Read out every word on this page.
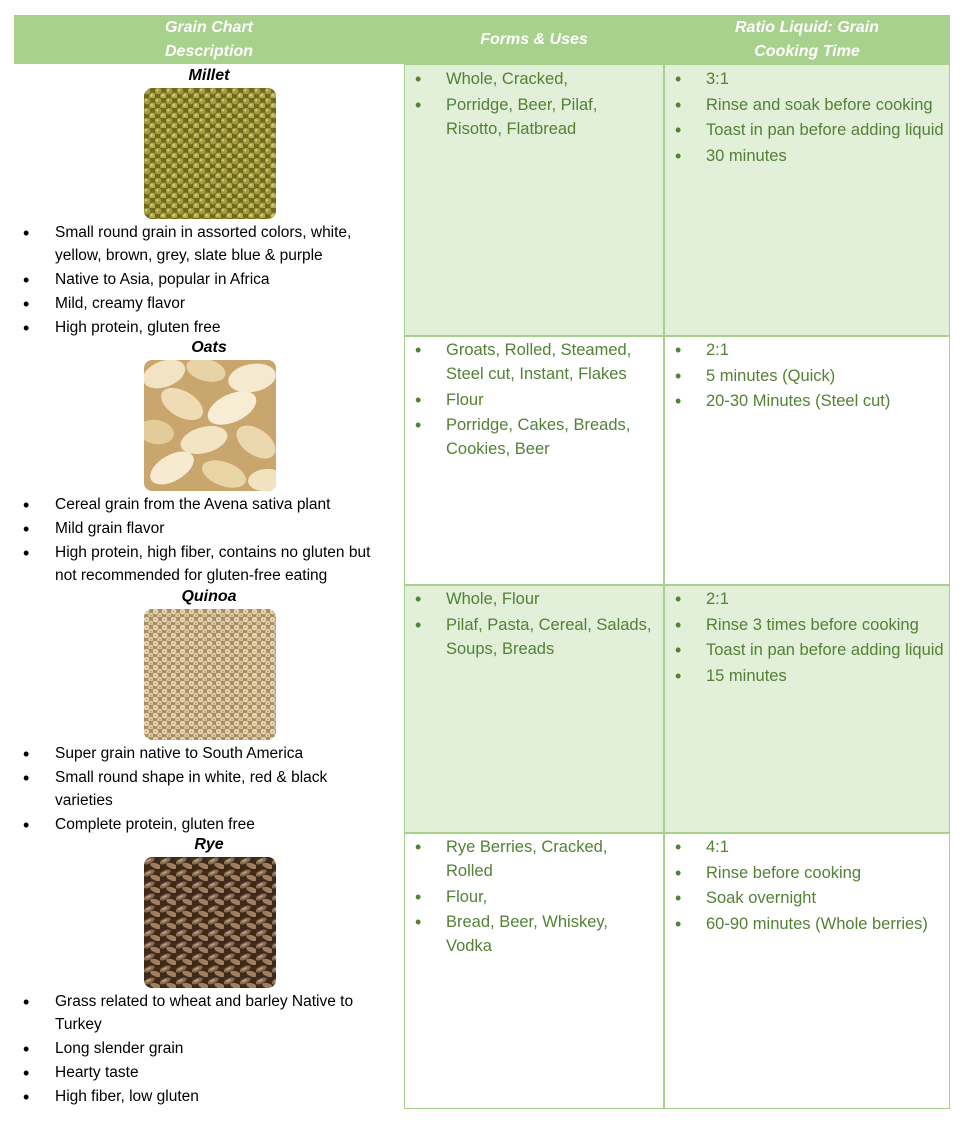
Grain Chart
Description
Forms & Uses
Ratio Liquid: Grain
Cooking Time
Millet
• Small round grain in assorted colors, white, yellow, brown, grey, slate blue & purple
• Native to Asia, popular in Africa
• Mild, creamy flavor
• High protein, gluten free
• Whole, Cracked,
• Porridge, Beer, Pilaf, Risotto, Flatbread
• 3:1
• Rinse and soak before cooking
• Toast in pan before adding liquid
• 30 minutes
Oats
• Cereal grain from the Avena sativa plant
• Mild grain flavor
• High protein, high fiber, contains no gluten but not recommended for gluten-free eating
• Groats, Rolled, Steamed, Steel cut, Instant, Flakes
• Flour
• Porridge, Cakes, Breads, Cookies, Beer
• 2:1
• 5 minutes (Quick)
• 20-30 Minutes (Steel cut)
Quinoa
• Super grain native to South America
• Small round shape in white, red & black varieties
• Complete protein, gluten free
• Whole, Flour
• Pilaf, Pasta, Cereal, Salads, Soups, Breads
• 2:1
• Rinse 3 times before cooking
• Toast in pan before adding liquid
• 15 minutes
Rye
• Grass related to wheat and barley Native to Turkey
• Long slender grain
• Hearty taste
• High fiber, low gluten
• Rye Berries, Cracked, Rolled
• Flour,
• Bread, Beer, Whiskey, Vodka
• 4:1
• Rinse before cooking
• Soak overnight
• 60-90 minutes (Whole berries)
